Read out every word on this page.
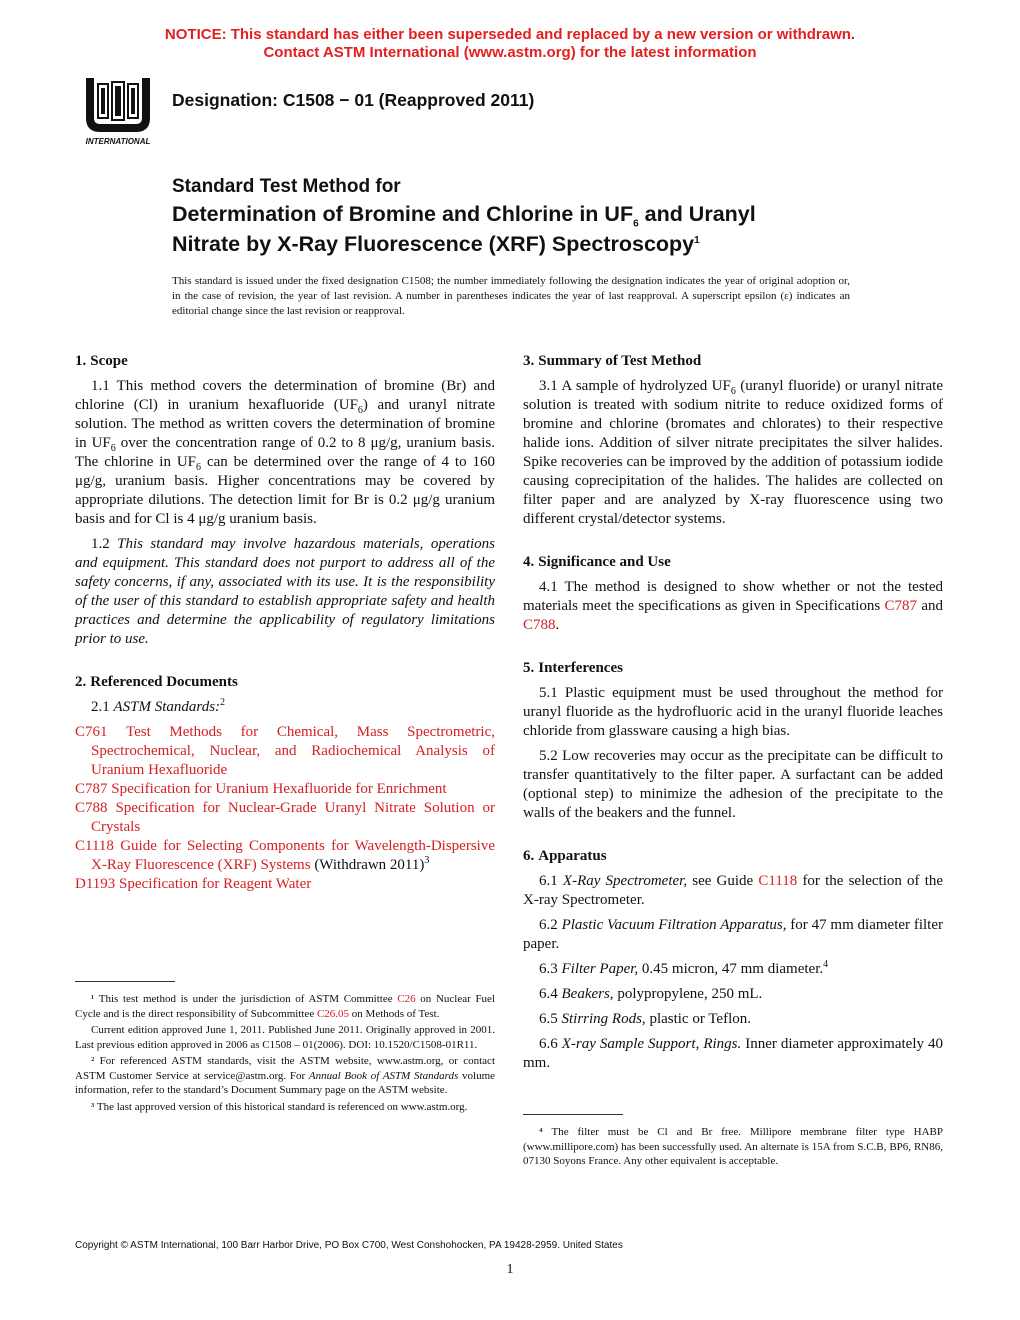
NOTICE: This standard has either been superseded and replaced by a new version or withdrawn.
Contact ASTM International (www.astm.org) for the latest information
INTERNATIONAL
Designation: C1508 − 01 (Reapproved 2011)
Standard Test Method for
Determination of Bromine and Chlorine in $UF_6$ and Uranyl
Nitrate by X-Ray Fluorescence (XRF) Spectroscopy$^1$
This standard is issued under the fixed designation C1508; the number immediately following the designation indicates the year of original adoption or, in the case of revision, the year of last revision. A number in parentheses indicates the year of last reapproval. A superscript epsilon (ε) indicates an editorial change since the last revision or reapproval.
1. Scope

1.1 This method covers the determination of bromine (Br) and chlorine (Cl) in uranium hexafluoride $(UF_6)$ and uranyl nitrate solution. The method as written covers the determination of bromine in $UF_6$ over the concentration range of 0.2 to 8 μg/g, uranium basis. The chlorine in $UF_6$ can be determined over the range of 4 to 160 μg/g, uranium basis. Higher concentrations may be covered by appropriate dilutions. The detection limit for Br is 0.2 μg/g uranium basis and for Cl is 4 μg/g uranium basis.

1.2 This standard may involve hazardous materials, operations and equipment. This standard does not purport to address all of the safety concerns, if any, associated with its use. It is the responsibility of the user of this standard to establish appropriate safety and health practices and determine the applicability of regulatory limitations prior to use.

2. Referenced Documents

2.1 ASTM Standards:$^2$

C761 Test Methods for Chemical, Mass Spectrometric, Spectrochemical, Nuclear, and Radiochemical Analysis of Uranium Hexafluoride

C787 Specification for Uranium Hexafluoride for Enrichment

C788 Specification for Nuclear-Grade Uranyl Nitrate Solution or Crystals

C1118 Guide for Selecting Components for Wavelength-Dispersive X-Ray Fluorescence (XRF) Systems (Withdrawn 2011)$^3$

D1193 Specification for Reagent Water

¹ This test method is under the jurisdiction of ASTM Committee C26 on Nuclear Fuel Cycle and is the direct responsibility of Subcommittee C26.05 on Methods of Test.

Current edition approved June 1, 2011. Published June 2011. Originally approved in 2001. Last previous edition approved in 2006 as C1508 – 01(2006). DOI: 10.1520/C1508-01R11.

² For referenced ASTM standards, visit the ASTM website, www.astm.org, or contact ASTM Customer Service at service@astm.org. For Annual Book of ASTM Standards volume information, refer to the standard’s Document Summary page on the ASTM website.

³ The last approved version of this historical standard is referenced on www.astm.org.

3. Summary of Test Method

3.1 A sample of hydrolyzed $UF_6$ (uranyl fluoride) or uranyl nitrate solution is treated with sodium nitrite to reduce oxidized forms of bromine and chlorine (bromates and chlorates) to their respective halide ions. Addition of silver nitrate precipitates the silver halides. Spike recoveries can be improved by the addition of potassium iodide causing coprecipitation of the halides. The halides are collected on filter paper and are analyzed by X-ray fluorescence using two different crystal/detector systems.

4. Significance and Use

4.1 The method is designed to show whether or not the tested materials meet the specifications as given in Specifications C787 and C788.

5. Interferences

5.1 Plastic equipment must be used throughout the method for uranyl fluoride as the hydrofluoric acid in the uranyl fluoride leaches chloride from glassware causing a high bias.

5.2 Low recoveries may occur as the precipitate can be difficult to transfer quantitatively to the filter paper. A surfactant can be added (optional step) to minimize the adhesion of the precipitate to the walls of the beakers and the funnel.

6. Apparatus

6.1 X-Ray Spectrometer, see Guide C1118 for the selection of the X-ray Spectrometer.

6.2 Plastic Vacuum Filtration Apparatus, for 47 mm diameter filter paper.

6.3 Filter Paper, 0.45 micron, 47 mm diameter.$^4$

6.4 Beakers, polypropylene, 250 mL.

6.5 Stirring Rods, plastic or Teflon.

6.6 X-ray Sample Support, Rings. Inner diameter approximately 40 mm.

⁴ The filter must be Cl and Br free. Millipore membrane filter type HABP (www.millipore.com) has been successfully used. An alternate is 15A from S.C.B, BP6, RN86, 07130 Soyons France. Any other equivalent is acceptable.

Copyright © ASTM International, 100 Barr Harbor Drive, PO Box C700, West Conshohocken, PA 19428-2959. United States
1
